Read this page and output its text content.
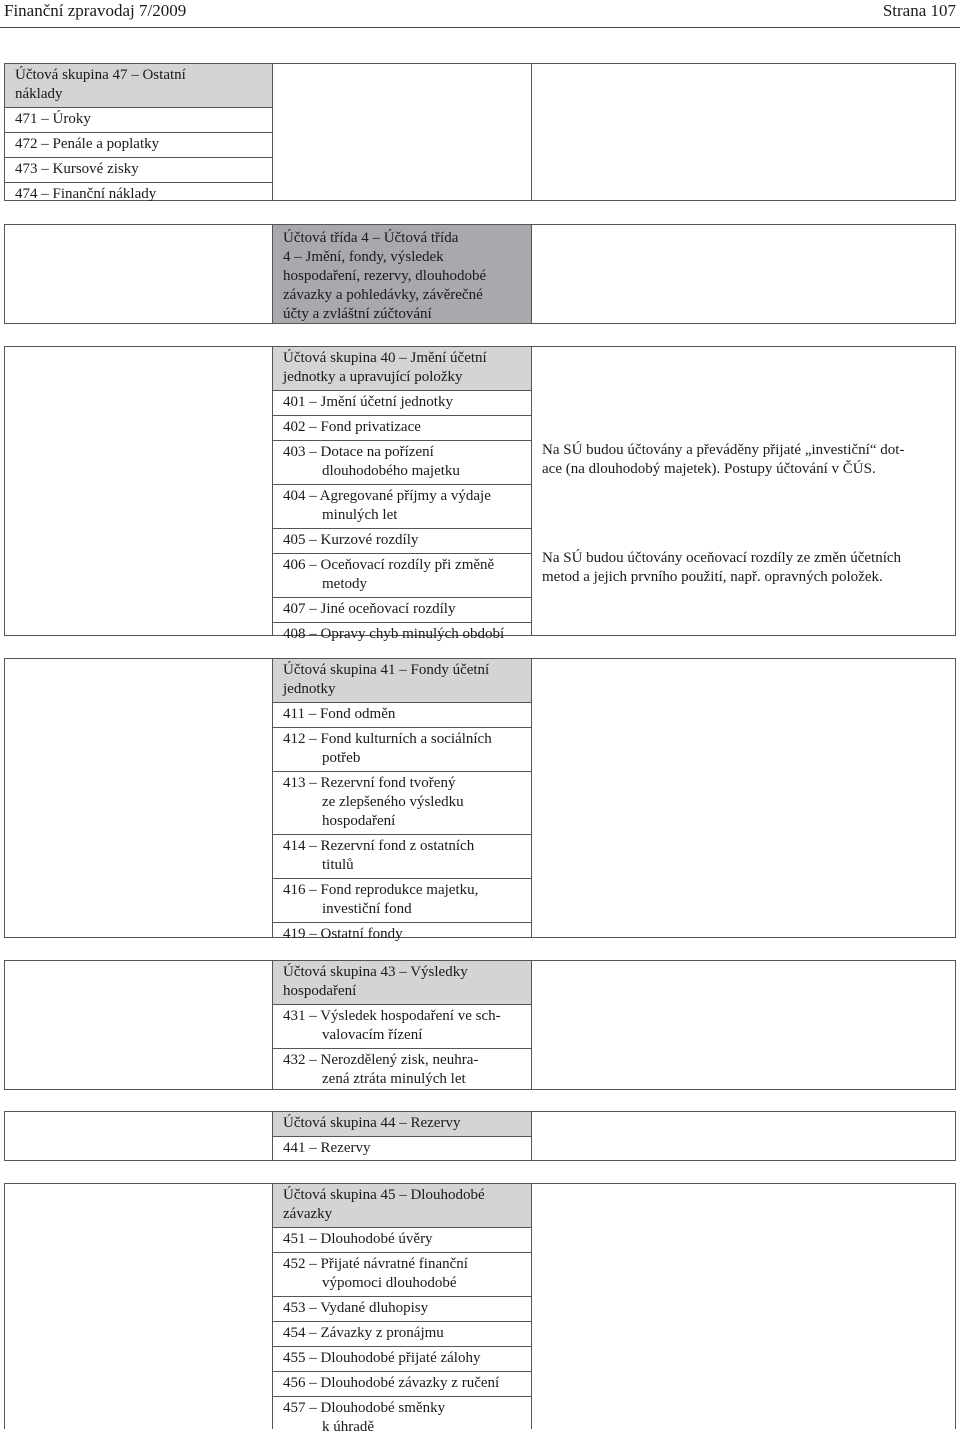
Finanční zpravodaj 7/2009	Strana 107
Účtová skupina 47 – Ostatní
náklady
471 – Úroky
472 – Penále a poplatky
473 – Kursové zisky
474 – Finanční náklady
Účtová třída 4 – Účtová třída
4 – Jmění, fondy, výsledek
hospodaření, rezervy, dlouhodobé
závazky a pohledávky, závěrečné
účty a zvláštní zúčtování
Účtová skupina 40 – Jmění účetní
jednotky a upravující položky
401 – Jmění účetní jednotky
402 – Fond privatizace
403 – Dotace na pořízení
dlouhodobého majetku
404 – Agregované příjmy a výdaje
minulých let
405 – Kurzové rozdíly
406 – Oceňovací rozdíly při změně
metody
407 – Jiné oceňovací rozdíly
408 – Opravy chyb minulých období
Na SÚ budou účtovány a převáděny přijaté „investiční“ dot-
ace (na dlouhodobý majetek). Postupy účtování v ČÚS.
Na SÚ budou účtovány oceňovací rozdíly ze změn účetních
metod a jejich prvního použití, např. opravných položek.
Účtová skupina 41 – Fondy účetní
jednotky
411 – Fond odměn
412 – Fond kulturních a sociálních
potřeb
413 – Rezervní fond tvořený
ze zlepšeného výsledku
hospodaření
414 – Rezervní fond z ostatních
titulů
416 – Fond reprodukce majetku,
investiční fond
419 – Ostatní fondy
Účtová skupina 43 – Výsledky
hospodaření
431 – Výsledek hospodaření ve sch-
valovacím řízení
432 – Nerozdělený zisk, neuhra-
zená ztráta minulých let
Účtová skupina 44 – Rezervy
441 – Rezervy
Účtová skupina 45 – Dlouhodobé
závazky
451 – Dlouhodobé úvěry
452 – Přijaté návratné finanční
výpomoci dlouhodobé
453 – Vydané dluhopisy
454 – Závazky z pronájmu
455 – Dlouhodobé přijaté zálohy
456 – Dlouhodobé závazky z ručení
457 – Dlouhodobé směnky
k úhradě
